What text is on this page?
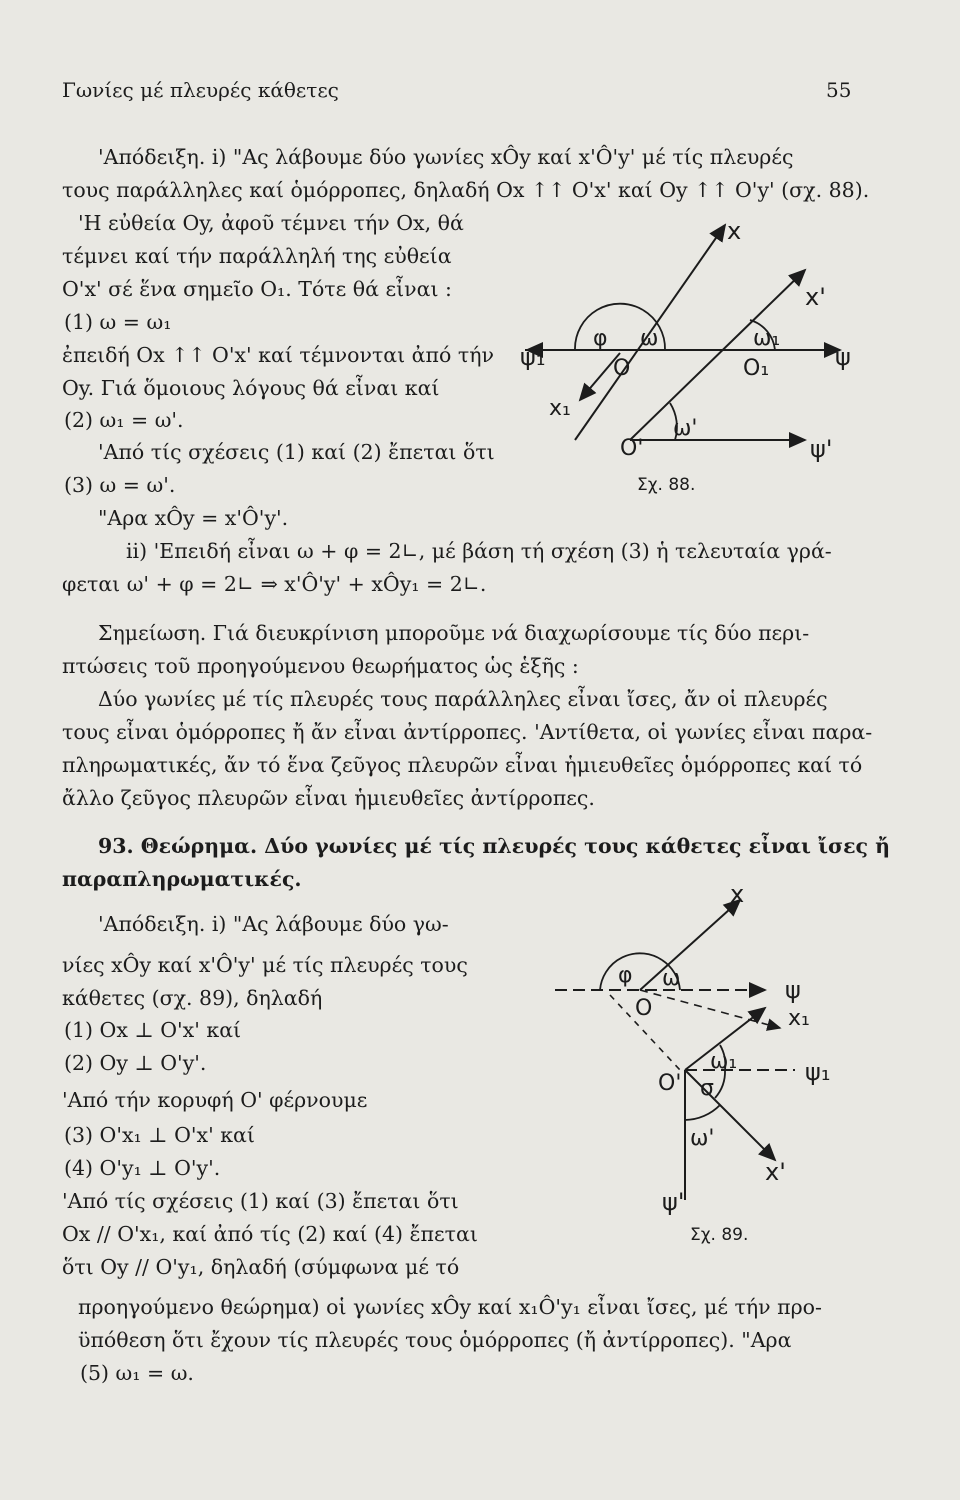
Γωνίες μέ πλευρές κάθετες	55
'Απόδειξη. i) "Ας λάβουμε δύο γωνίες xÔy καί x'Ô'y' μέ τίς πλευρές
τους παράλληλες καί ὁμόρροπες, δηλαδή Ox ↑↑ O'x' καί Oy ↑↑ O'y' (σχ. 88).
'Η εὐθεία Oy, ἀφοῦ τέμνει τήν Ox, θά
τέμνει καί τήν παράλληλή της εὐθεία
O'x' σέ ἕνα σημεῖο O₁. Τότε θά εἶναι :
(1) ω = ω₁
ἐπειδή Ox ↑↑ O'x' καί τέμνονται ἀπό τήν
Oy. Γιά ὅμοιους λόγους θά εἶναι καί
(2) ω₁ = ω'.
'Από τίς σχέσεις (1) καί (2) ἔπεται ὅτι
(3) ω = ω'.
"Αρα xÔy = x'Ô'y'.
ii) 'Επειδή εἶναι ω + φ = 2∟, μέ βάση τή σχέση (3) ἡ τελευταία γρά-
φεται ω' + φ = 2∟ ⇒ x'Ô'y' + xÔy₁ = 2∟.
Σημείωση. Γιά διευκρίνιση μποροῦμε νά διαχωρίσουμε τίς δύο περι-
πτώσεις τοῦ προηγούμενου θεωρήματος ὡς ἑξῆς :
Δύο γωνίες μέ τίς πλευρές τους παράλληλες εἶναι ἴσες, ἄν οἱ πλευρές
τους εἶναι ὁμόρροπες ἤ ἄν εἶναι ἀντίρροπες. 'Αντίθετα, οἱ γωνίες εἶναι παρα-
πληρωματικές, ἄν τό ἕνα ζεῦγος πλευρῶν εἶναι ἡμιευθεῖες ὁμόρροπες καί τό
ἄλλο ζεῦγος πλευρῶν εἶναι ἡμιευθεῖες ἀντίρροπες.
93. Θεώρημα. Δύο γωνίες μέ τίς πλευρές τους κάθετες εἶναι ἴσες ἤ
παραπληρωματικές.
'Απόδειξη. i) "Ας λάβουμε δύο γω-
νίες xÔy καί x'Ô'y' μέ τίς πλευρές τους
κάθετες (σχ. 89), δηλαδή
(1) Ox ⊥ O'x' καί
(2) Oy ⊥ O'y'.
'Από τήν κορυφή O' φέρνουμε
(3) O'x₁ ⊥ O'x' καί
(4) O'y₁ ⊥ O'y'.
'Από τίς σχέσεις (1) καί (3) ἔπεται ὅτι
Ox // O'x₁, καί ἀπό τίς (2) καί (4) ἔπεται
ὅτι Oy // O'y₁, δηλαδή (σύμφωνα μέ τό
προηγούμενο θεώρημα) οἱ γωνίες xÔy καί x₁Ô'y₁ εἶναι ἴσες, μέ τήν προ-
ϋπόθεση ὅτι ἔχουν τίς πλευρές τους ὁμόρροπες (ἤ ἀντίρροπες). "Αρα
(5) ω₁ = ω.
x
x'
φ ω	ω₁
ψ₁	ψ
O	O₁
x₁
ω'
O'	ψ'
Σχ. 88.
x
φ ω	ψ
O	x₁
ω₁
O' σ
ψ₁
ω'
x'
ψ'
Σχ. 89.
